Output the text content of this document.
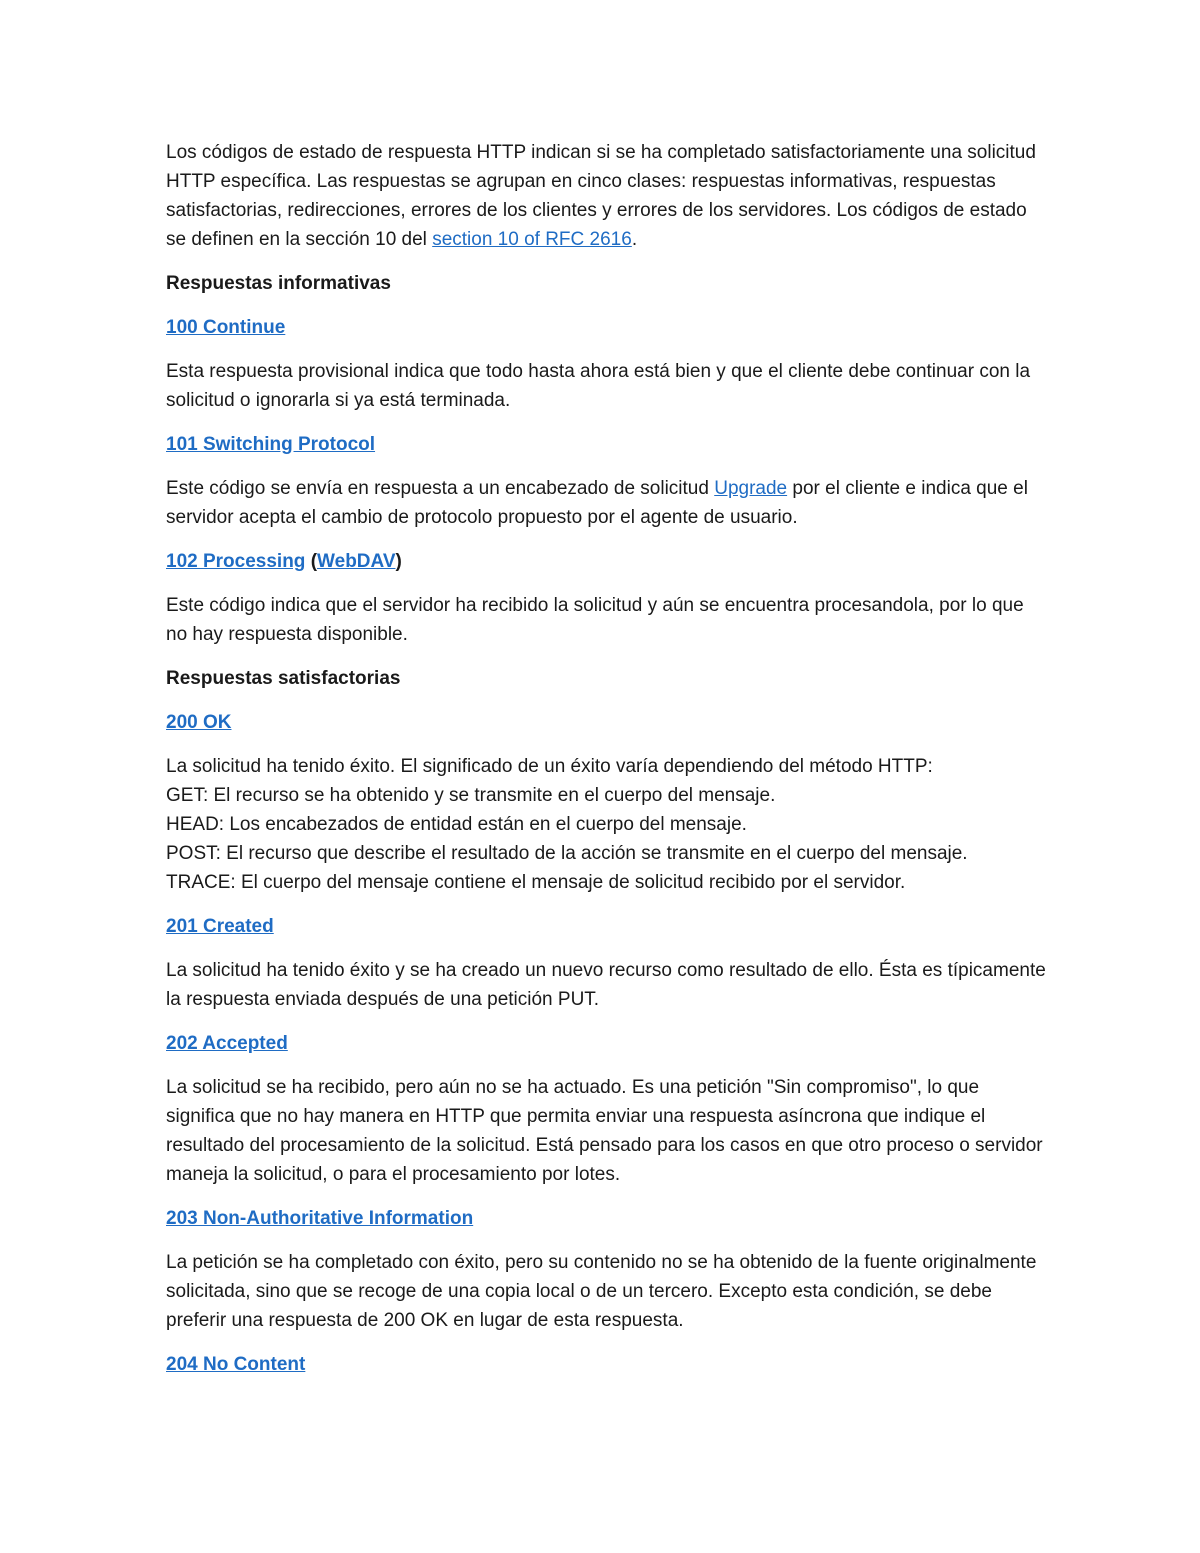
Los códigos de estado de respuesta HTTP indican si se ha completado satisfactoriamente una solicitud HTTP específica. Las respuestas se agrupan en cinco clases: respuestas informativas, respuestas satisfactorias, redirecciones, errores de los clientes y errores de los servidores. Los códigos de estado se definen en la sección 10 del section 10 of RFC 2616.

Respuestas informativas

100 Continue

Esta respuesta provisional indica que todo hasta ahora está bien y que el cliente debe continuar con la solicitud o ignorarla si ya está terminada.

101 Switching Protocol

Este código se envía en respuesta a un encabezado de solicitud Upgrade por el cliente e indica que el servidor acepta el cambio de protocolo propuesto por el agente de usuario.

102 Processing (WebDAV)

Este código indica que el servidor ha recibido la solicitud y aún se encuentra procesandola, por lo que no hay respuesta disponible.

Respuestas satisfactorias

200 OK

La solicitud ha tenido éxito. El significado de un éxito varía dependiendo del método HTTP:

GET: El recurso se ha obtenido y se transmite en el cuerpo del mensaje.

HEAD: Los encabezados de entidad están en el cuerpo del mensaje.

POST: El recurso que describe el resultado de la acción se transmite en el cuerpo del mensaje.

TRACE: El cuerpo del mensaje contiene el mensaje de solicitud recibido por el servidor.

201 Created

La solicitud ha tenido éxito y se ha creado un nuevo recurso como resultado de ello. Ésta es típicamente la respuesta enviada después de una petición PUT.

202 Accepted

La solicitud se ha recibido, pero aún no se ha actuado. Es una petición "Sin compromiso", lo que significa que no hay manera en HTTP que permita enviar una respuesta asíncrona que indique el resultado del procesamiento de la solicitud. Está pensado para los casos en que otro proceso o servidor maneja la solicitud, o para el procesamiento por lotes.

203 Non-Authoritative Information

La petición se ha completado con éxito, pero su contenido no se ha obtenido de la fuente originalmente solicitada, sino que se recoge de una copia local o de un tercero. Excepto esta condición, se debe preferir una respuesta de 200 OK en lugar de esta respuesta.

204 No Content
